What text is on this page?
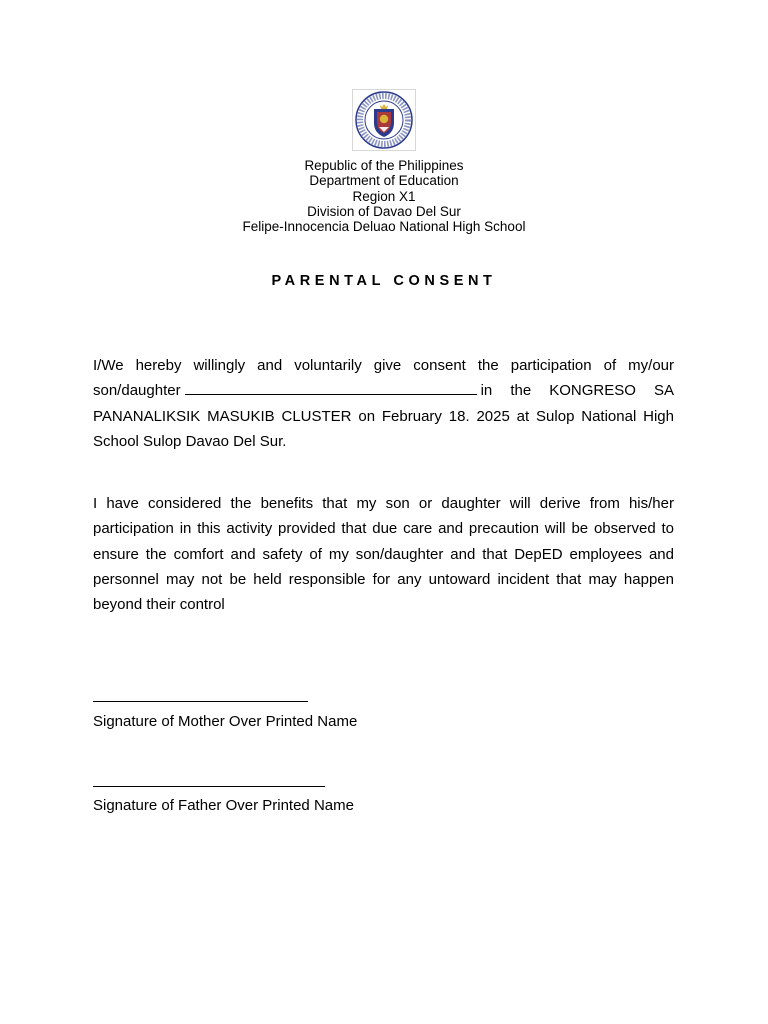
Republic of the Philippines
Department of Education
Region X1
Division of Davao Del Sur
Felipe-Innocencia Deluao National High School
PARENTAL CONSENT
I/We hereby willingly and voluntarily give consent the participation of my/our son/daughter	in the KONGRESO SA PANANALIKSIK MASUKIB CLUSTER on February 18. 2025 at Sulop National High School Sulop Davao Del Sur.
I have considered the benefits that my son or daughter will derive from his/her participation in this activity provided that due care and precaution will be observed to ensure the comfort and safety of my son/daughter and that DepED employees and personnel may not be held responsible for any untoward incident that may happen beyond their control
Signature of Mother Over Printed Name
Signature of Father Over Printed Name
